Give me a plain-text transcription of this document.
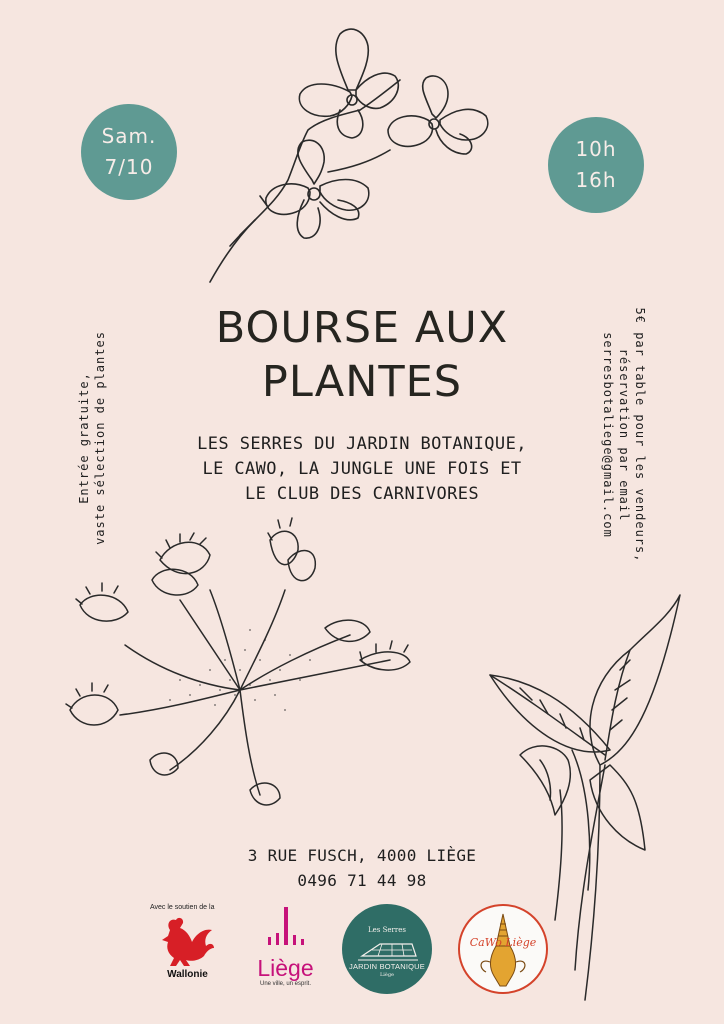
Sam.
7/10
10h
16h
BOURSE AUX
PLANTES
LES SERRES DU JARDIN BOTANIQUE,
LE CAWO, LA JUNGLE UNE FOIS ET
LE CLUB DES CARNIVORES
Entrée gratuite, vaste sélection de plantes	5€ par table pour les vendeurs,
réservation par email
serresbotaliege@gmail.com
3 RUE FUSCH, 4000 LIÈGE
0496 71 44 98
Avec le soutien de la
Wallonie	Liège
Une ville, un esprit.
Les Serres
JARDIN BOTANIQUE
Liège
CaWo Liège
